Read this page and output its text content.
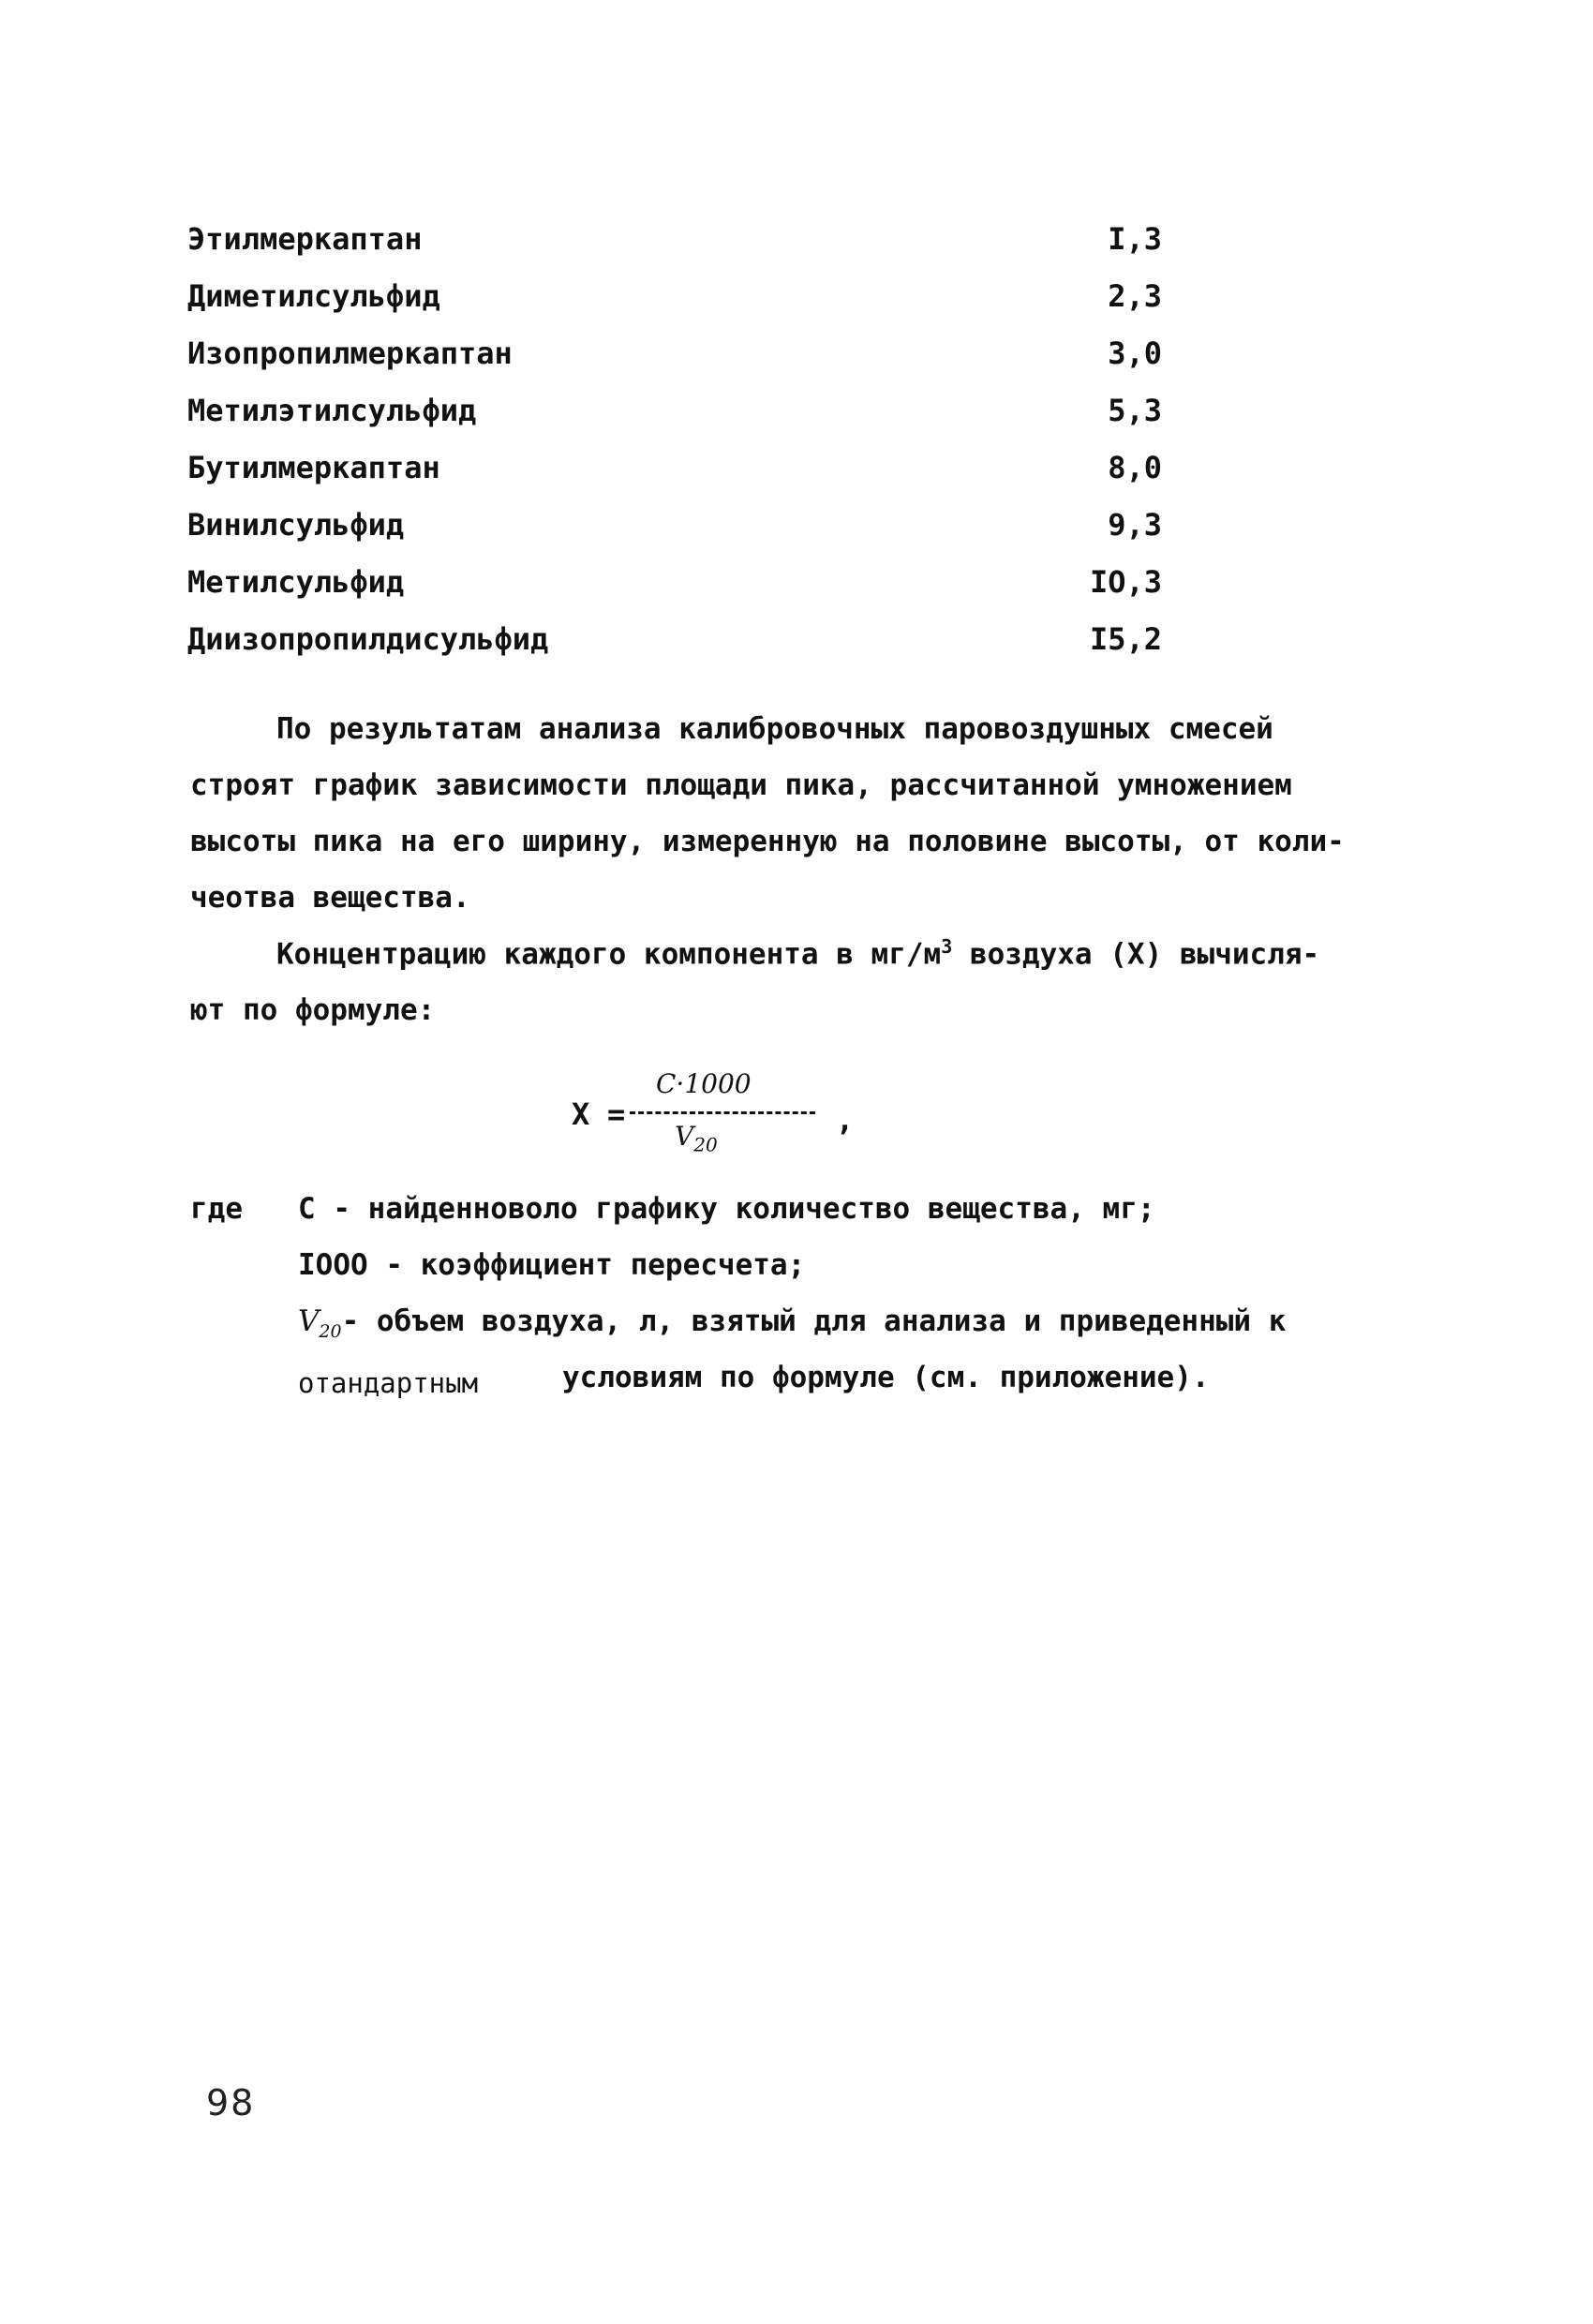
Этилмеркаптан	I,3
Диметилсульфид	2,3
Изопропилмеркаптан	3,0
Метилэтилсульфид	5,3
Бутилмеркаптан	8,0
Винилсульфид	9,3
Метилсульфид	IO,3
Диизопропилдисульфид	I5,2
По результатам анализа калибровочных паровоздушных смесей
строят график зависимости площади пика, рассчитанной умножением
высоты пика на его ширину, измеренную на половине высоты, от коли-
чеотва вещества.
Концентрацию каждого компонента в $мг/м^3$ воздуха (X) вычисля-
ют по формуле:
X =
C·1000
$V_{20}$
,
где C - найденноволо графику количество вещества, мг;
IOOO - коэффициент пересчета;
$V_{20}-$ объем воздуха, л, взятый для анализа и приведенный к
отандартным	условиям по формуле (см. приложение).
98
